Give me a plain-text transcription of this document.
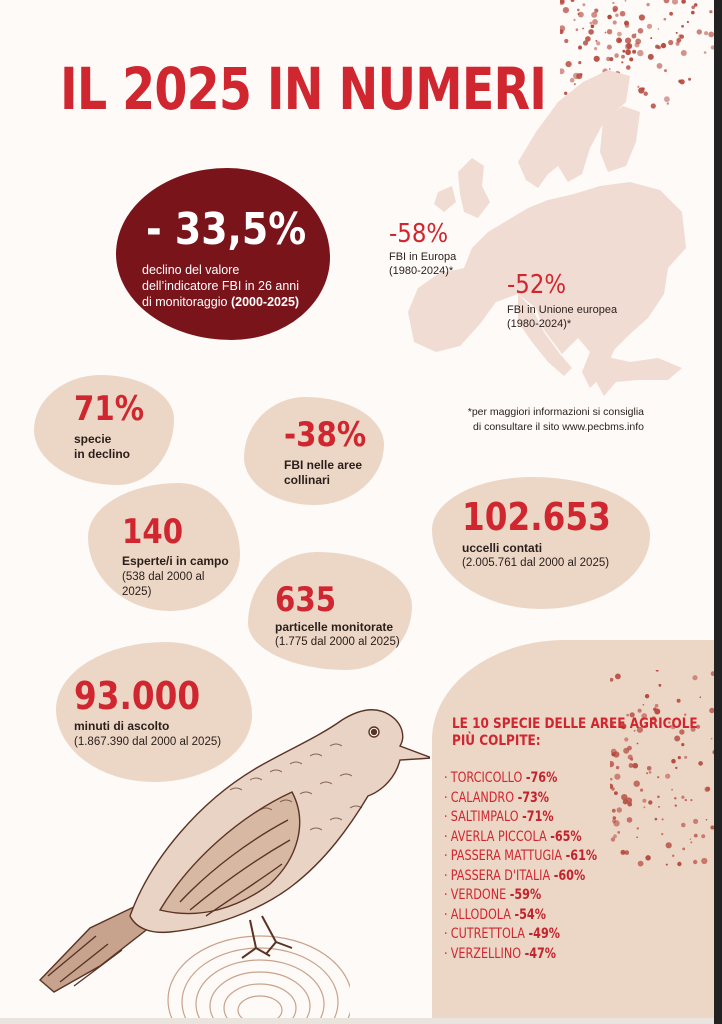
IL 2025 IN NUMERI
- 33,5%
declino del valore
dell’indicatore FBI in 26 anni
di monitoraggio (2000-2025)
-58%
FBI in Europa
(1980-2024)* -52%
FBI in Unione europea
(1980-2024)*
*per maggiori informazioni si consiglia
di consultare il sito www.pecbms.info
71%
specie
in declino	-38%
FBI nelle aree
collinari
140
Esperte/i in campo
(538 dal 2000 al
2025)
102.653
uccelli contati
(2.005.761 dal 2000 al 2025)
635
particelle monitorate
(1.775 dal 2000 al 2025)
93.000
minuti di ascolto
(1.867.390 dal 2000 al 2025)
LE 10 SPECIE DELLE AREE AGRICOLE
PIÙ COLPITE:
· TORCICOLLO -76%
· CALANDRO -73%
· SALTIMPALO -71%
· AVERLA PICCOLA -65%
· PASSERA MATTUGIA -61%
· PASSERA D'ITALIA -60%
· VERDONE -59%
· ALLODOLA -54%
· CUTRETTOLA -49%
· VERZELLINO -47%
